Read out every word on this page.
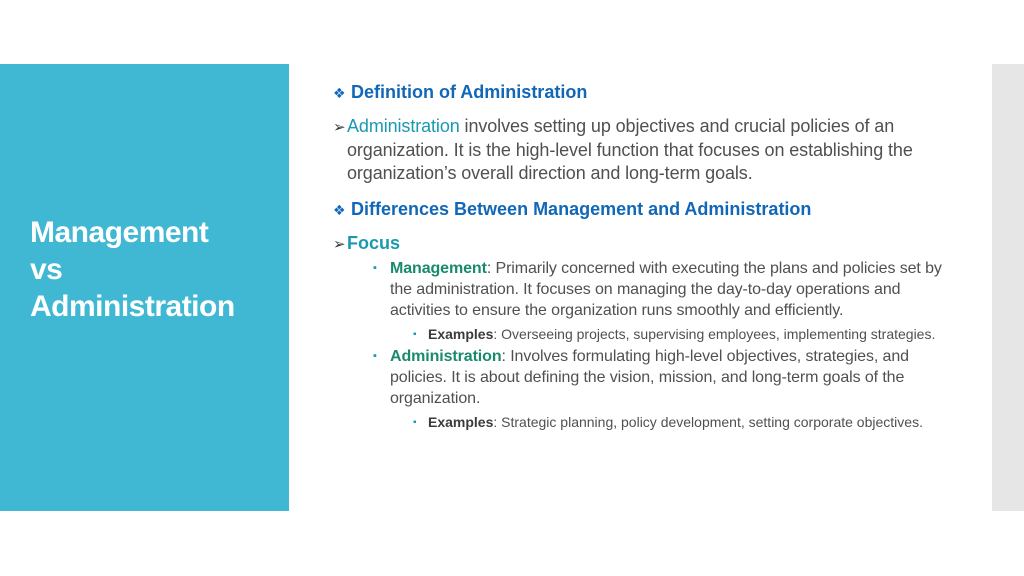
Management
vs
Administration

❖ Definition of Administration

➢Administration involves setting up objectives and crucial policies of an organization. It is the high-level function that focuses on establishing the organization’s overall direction and long-term goals.

❖ Differences Between Management and Administration

➢Focus

▪ Management: Primarily concerned with executing the plans and policies set by the administration. It focuses on managing the day-to-day operations and activities to ensure the organization runs smoothly and efficiently.

▪ Examples: Overseeing projects, supervising employees, implementing strategies.

▪ Administration: Involves formulating high-level objectives, strategies, and policies. It is about defining the vision, mission, and long-term goals of the organization.

▪ Examples: Strategic planning, policy development, setting corporate objectives.
